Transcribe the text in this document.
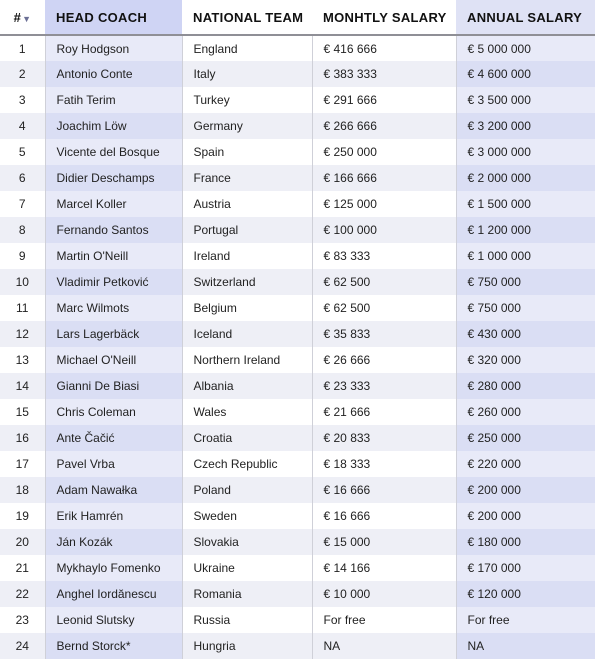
#▼	HEAD COACH	NATIONAL TEAM	MONHTLY SALARY	ANNUAL SALARY
1	Roy Hodgson	England	€ 416 666	€ 5 000 000
2	Antonio Conte	Italy	€ 383 333	€ 4 600 000
3	Fatih Terim	Turkey	€ 291 666	€ 3 500 000
4	Joachim Löw	Germany	€ 266 666	€ 3 200 000
5	Vicente del Bosque	Spain	€ 250 000	€ 3 000 000
6	Didier Deschamps	France	€ 166 666	€ 2 000 000
7	Marcel Koller	Austria	€ 125 000	€ 1 500 000
8	Fernando Santos	Portugal	€ 100 000	€ 1 200 000
9	Martin O'Neill	Ireland	€ 83 333	€ 1 000 000
10	Vladimir Petković	Switzerland	€ 62 500	€ 750 000
11	Marc Wilmots	Belgium	€ 62 500	€ 750 000
12	Lars Lagerbäck	Iceland	€ 35 833	€ 430 000
13	Michael O'Neill	Northern Ireland	€ 26 666	€ 320 000
14	Gianni De Biasi	Albania	€ 23 333	€ 280 000
15	Chris Coleman	Wales	€ 21 666	€ 260 000
16	Ante Čačić	Croatia	€ 20 833	€ 250 000
17	Pavel Vrba	Czech Republic	€ 18 333	€ 220 000
18	Adam Nawałka	Poland	€ 16 666	€ 200 000
19	Erik Hamrén	Sweden	€ 16 666	€ 200 000
20	Ján Kozák	Slovakia	€ 15 000	€ 180 000
21	Mykhaylo Fomenko	Ukraine	€ 14 166	€ 170 000
22	Anghel Iordănescu	Romania	€ 10 000	€ 120 000
23	Leonid Slutsky	Russia	For free	For free
24	Bernd Storck*	Hungria	NA	NA
